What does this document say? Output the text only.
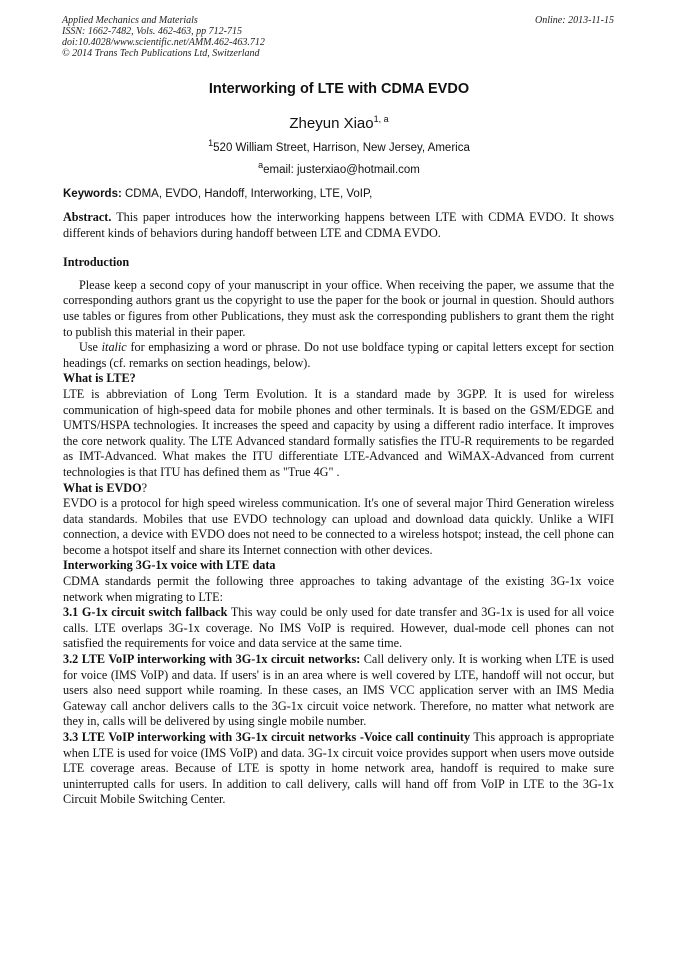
Applied Mechanics and Materials
ISSN: 1662-7482, Vols. 462-463, pp 712-715
doi:10.4028/www.scientific.net/AMM.462-463.712
© 2014 Trans Tech Publications Ltd, Switzerland
Online: 2013-11-15
Interworking of LTE with CDMA EVDO
Zheyun Xiao$^{1, a}$
$^1$520 William Street, Harrison, New Jersey, America
$^a$email: justerxiao@hotmail.com
Keywords: CDMA, EVDO, Handoff, Interworking, LTE, VoIP,

Abstract. This paper introduces how the interworking happens between LTE with CDMA EVDO. It shows different kinds of behaviors during handoff between LTE and CDMA EVDO.

Introduction

Please keep a second copy of your manuscript in your office. When receiving the paper, we assume that the corresponding authors grant us the copyright to use the paper for the book or journal in question. Should authors use tables or figures from other Publications, they must ask the corresponding publishers to grant them the right to publish this material in their paper.

Use italic for emphasizing a word or phrase. Do not use boldface typing or capital letters except for section headings (cf. remarks on section headings, below).

What is LTE?

LTE is abbreviation of Long Term Evolution. It is a standard made by 3GPP. It is used for wireless communication of high-speed data for mobile phones and other terminals. It is based on the GSM/EDGE and UMTS/HSPA technologies. It increases the speed and capacity by using a different radio interface. It improves the core network quality. The LTE Advanced standard formally satisfies the ITU-R requirements to be regarded as IMT-Advanced. What makes the ITU differentiate LTE-Advanced and WiMAX-Advanced from current technologies is that ITU has defined them as "True 4G" .

What is EVDO?

EVDO is a protocol for high speed wireless communication. It's one of several major Third Generation wireless data standards. Mobiles that use EVDO technology can upload and download data quickly. Unlike a WIFI connection, a device with EVDO does not need to be connected to a wireless hotspot; instead, the cell phone can become a hotspot itself and share its Internet connection with other devices.

Interworking 3G-1x voice with LTE data

CDMA standards permit the following three approaches to taking advantage of the existing 3G-1x voice network when migrating to LTE:

3.1 G-1x circuit switch fallback This way could be only used for date transfer and 3G-1x is used for all voice calls. LTE overlaps 3G-1x coverage. No IMS VoIP is required. However, dual-mode cell phones can not satisfied the requirements for voice and data service at the same time.

3.2 LTE VoIP interworking with 3G-1x circuit networks: Call delivery only. It is working when LTE is used for voice (IMS VoIP) and data. If users' is in an area where is well covered by LTE, handoff will not occur, but users also need support while roaming. In these cases, an IMS VCC application server with an IMS Media Gateway call anchor delivers calls to the 3G-1x circuit voice network. Therefore, no matter what network are they in, calls will be delivered by using single mobile number.

3.3 LTE VoIP interworking with 3G-1x circuit networks -Voice call continuity This approach is appropriate when LTE is used for voice (IMS VoIP) and data. 3G-1x circuit voice provides support when users move outside LTE coverage areas. Because of LTE is spotty in home network area, handoff is required to make sure uninterrupted calls for users. In addition to call delivery, calls will hand off from VoIP in LTE to the 3G-1x Circuit Mobile Switching Center.
